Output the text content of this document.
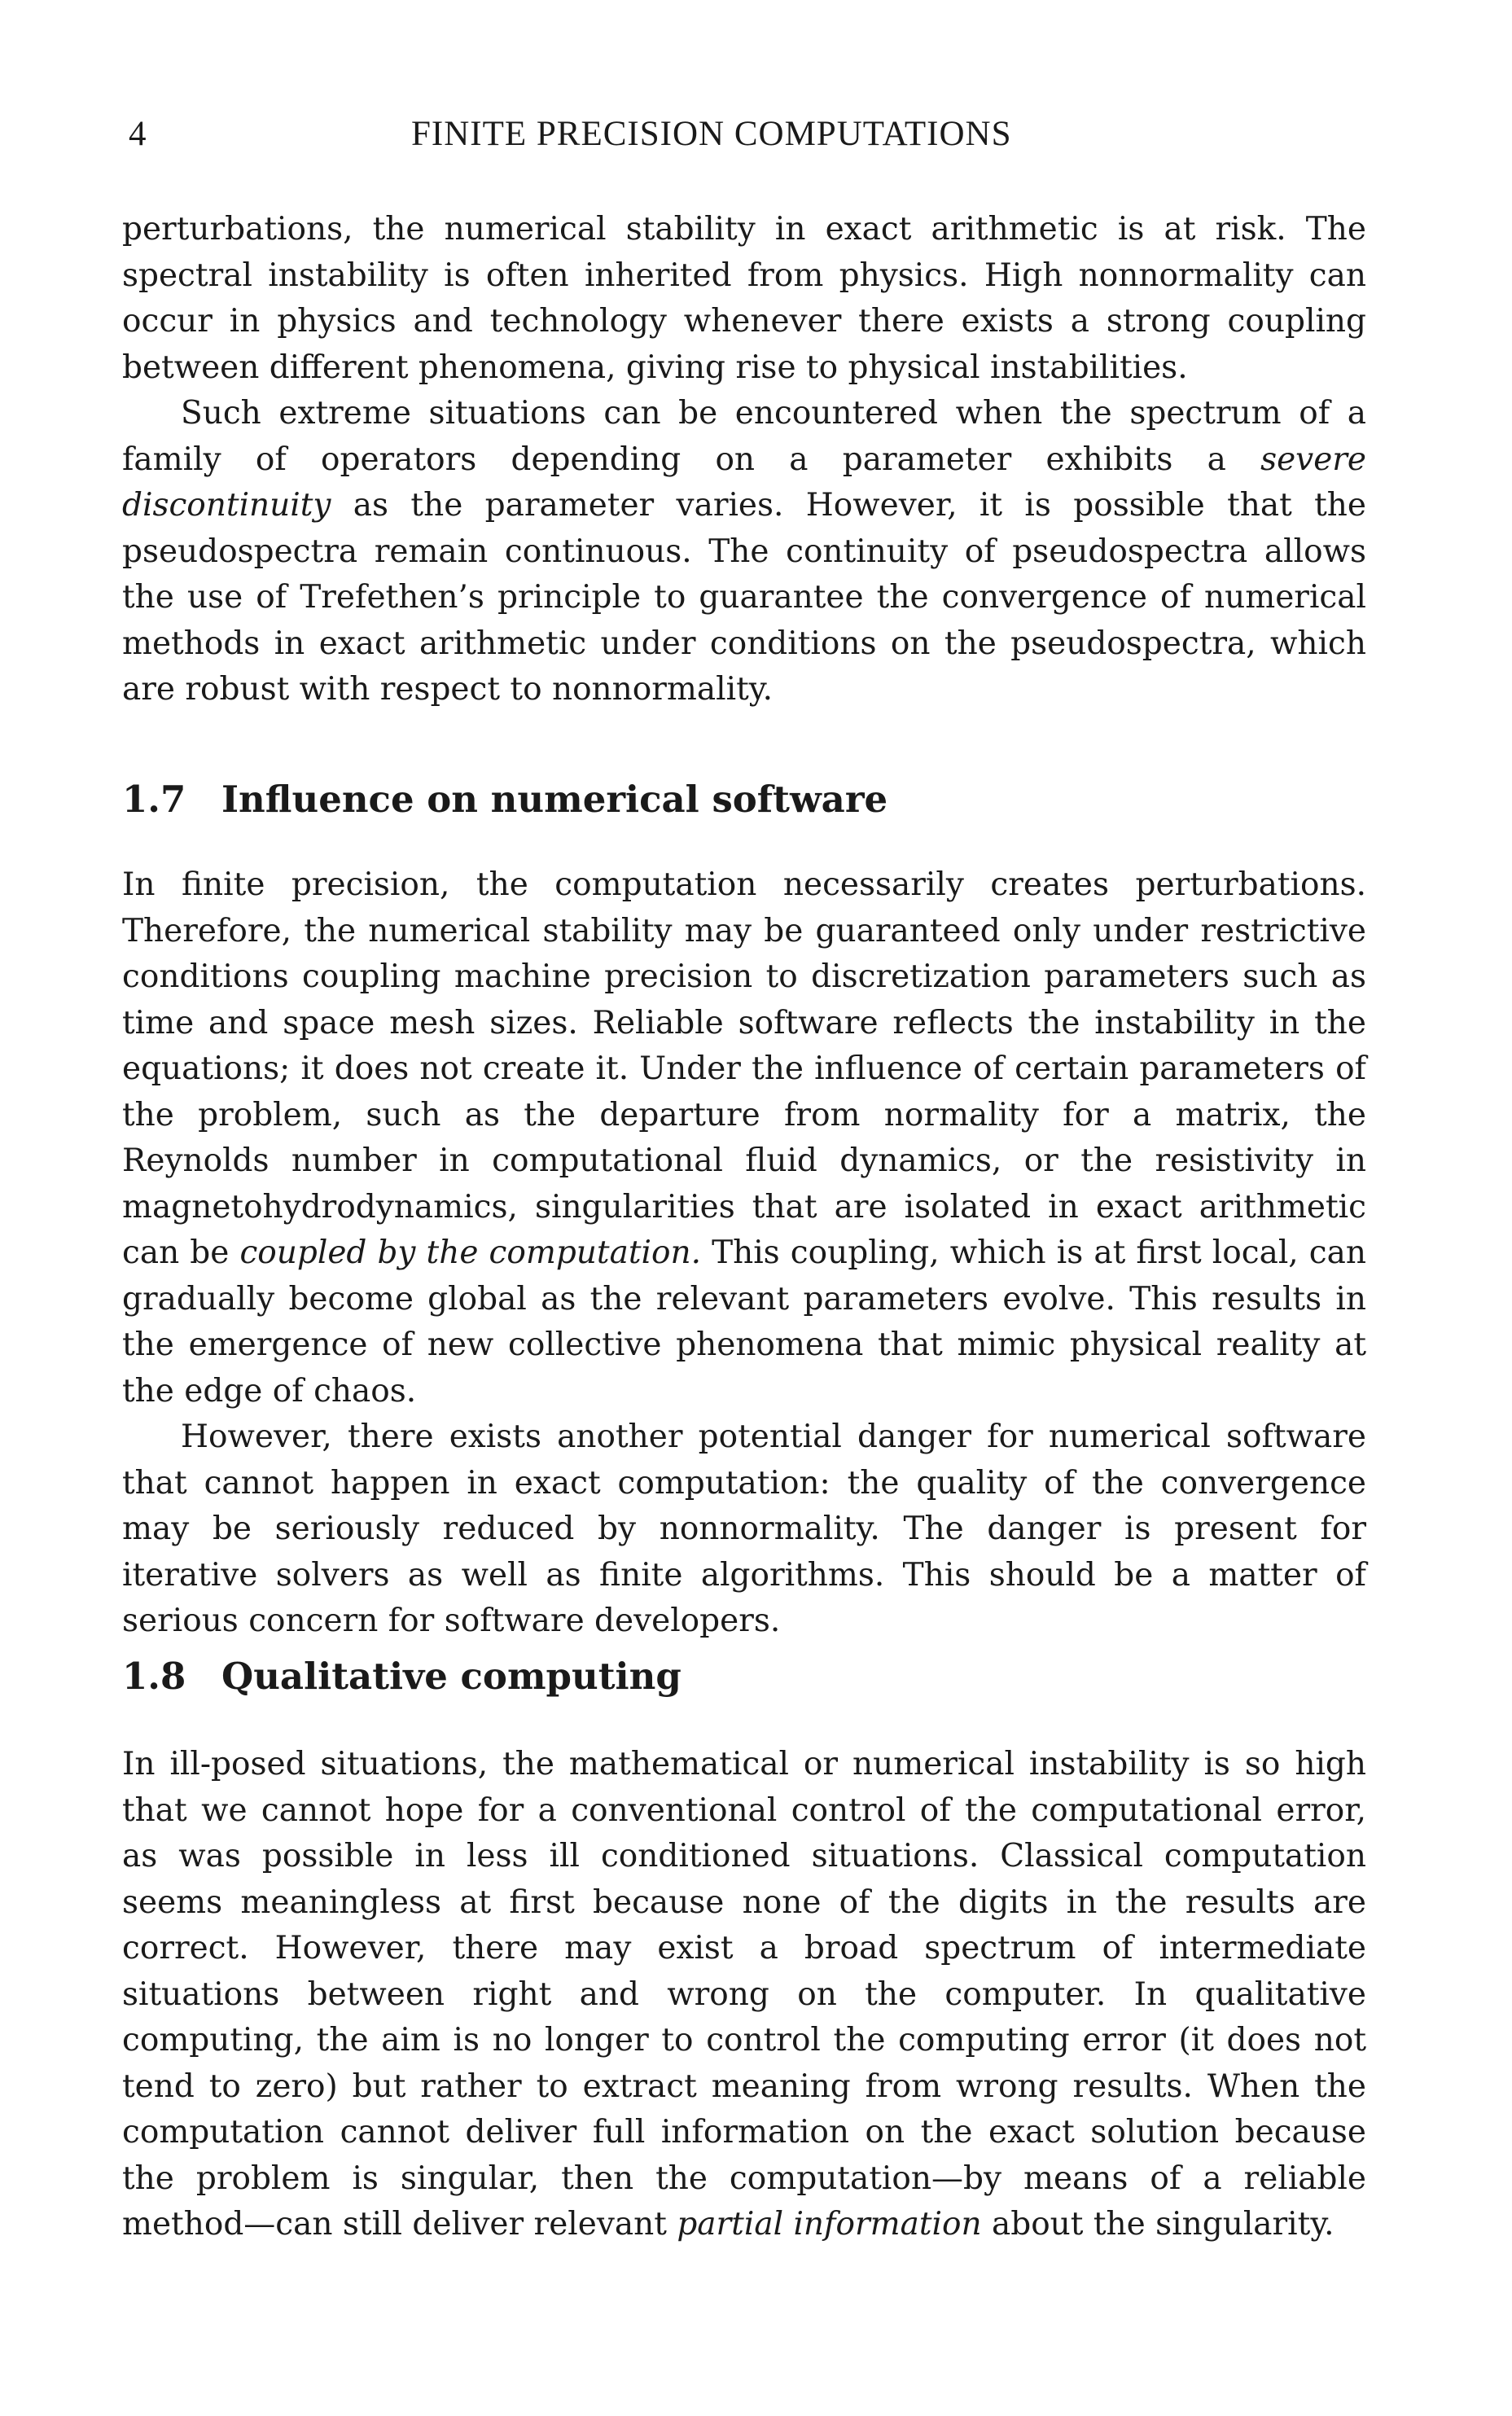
4	FINITE PRECISION COMPUTATIONS

perturbations, the numerical stability in exact arithmetic is at risk. The spectral instability is often inherited from physics. High nonnormality can occur in physics and technology whenever there exists a strong coupling between different phenomena, giving rise to physical instabilities.

Such extreme situations can be encountered when the spectrum of a family of operators depending on a parameter exhibits a severe discontinuity as the parameter varies. However, it is possible that the pseudospectra remain continuous. The continuity of pseudospectra allows the use of Trefethen’s principle to guarantee the convergence of numerical methods in exact arithmetic under conditions on the pseudospectra, which are robust with respect to nonnormality.

1.7 Influence on numerical software

In finite precision, the computation necessarily creates perturbations. Therefore, the numerical stability may be guaranteed only under restrictive conditions coupling machine precision to discretization parameters such as time and space mesh sizes. Reliable software reflects the instability in the equations; it does not create it. Under the influence of certain parameters of the problem, such as the departure from normality for a matrix, the Reynolds number in computational fluid dynamics, or the resistivity in magnetohydrodynamics, singularities that are isolated in exact arithmetic can be coupled by the computation. This coupling, which is at first local, can gradually become global as the relevant parameters evolve. This results in the emergence of new collective phenomena that mimic physical reality at the edge of chaos.

However, there exists another potential danger for numerical software that cannot happen in exact computation: the quality of the convergence may be seriously reduced by nonnormality. The danger is present for iterative solvers as well as finite algorithms. This should be a matter of serious concern for software developers.

1.8 Qualitative computing

In ill-posed situations, the mathematical or numerical instability is so high that we cannot hope for a conventional control of the computational error, as was possible in less ill conditioned situations. Classical computation seems meaningless at first because none of the digits in the results are correct. However, there may exist a broad spectrum of intermediate situations between right and wrong on the computer. In qualitative computing, the aim is no longer to control the computing error (it does not tend to zero) but rather to extract meaning from wrong results. When the computation cannot deliver full information on the exact solution because the problem is singular, then the computation—by means of a reliable method—can still deliver relevant partial information about the singularity.
